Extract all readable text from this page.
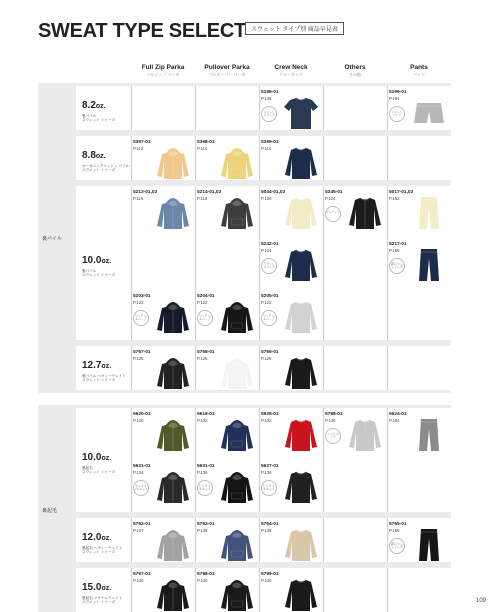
SWEAT TYPE SELECT スウェット タイプ別 商品早見表
Full Zip Parka
フルジップ パーカ
Pullover Parka
プルオーバー パーカ
Crew Neck
クルーネック
Others
その他
Pants
パンツ
裏パイル
8.2oz.
裏パイル
スウェット シリーズ
5198-01
P.145
ショート スリーブ
5199-01
P.164
ショート パンツ
8.8oz.
オーガニックコットン パイル
スウェット シリーズ
5397-01
P.112
5398-01
P.114
5399-01
P.114
10.0oz.
裏パイル
スウェット シリーズ
5213-01,02
P.116
5214-01,02
P.118
5044-01,02
P.120
5245-01
P.124
ジャケット
5017-01,02
P.152
5242-01
P.124
ラグラン スリーブ
5217-01
P.156
裾口 シャーリング
5203-01
P.122
ビッグ シルエット
5204-01
P.122
ビッグ シルエット
5205-01
P.122
ビッグ シルエット
12.7oz.
裏パイル ヘヴィーウェイト
スウェット シリーズ
5767-01
P.125
5768-01
P.126
5769-01
P.126
裏起毛
10.0oz.
裏起毛
スウェット シリーズ
5620-01
P.130
5618-01
P.132
5928-01
P.132
5788-01
P.136
ハーフ ジップ
5624-01
P.154
5621-01
P.134
ボックス シルエット
5631-01
P.136
ビッグ シルエット
5627-01
P.136
ビッグ シルエット
12.0oz.
裏起毛 ヘヴィーウェイト
スウェット シリーズ
5762-01
P.137
5763-01
P.138
5764-01
P.138
5765-01
P.156
裾口 シャーリング
15.0oz.
裏起毛 マグナムウェイト
スウェット シリーズ
5797-01
P.140
5798-01
P.140
5799-01
P.140
109
